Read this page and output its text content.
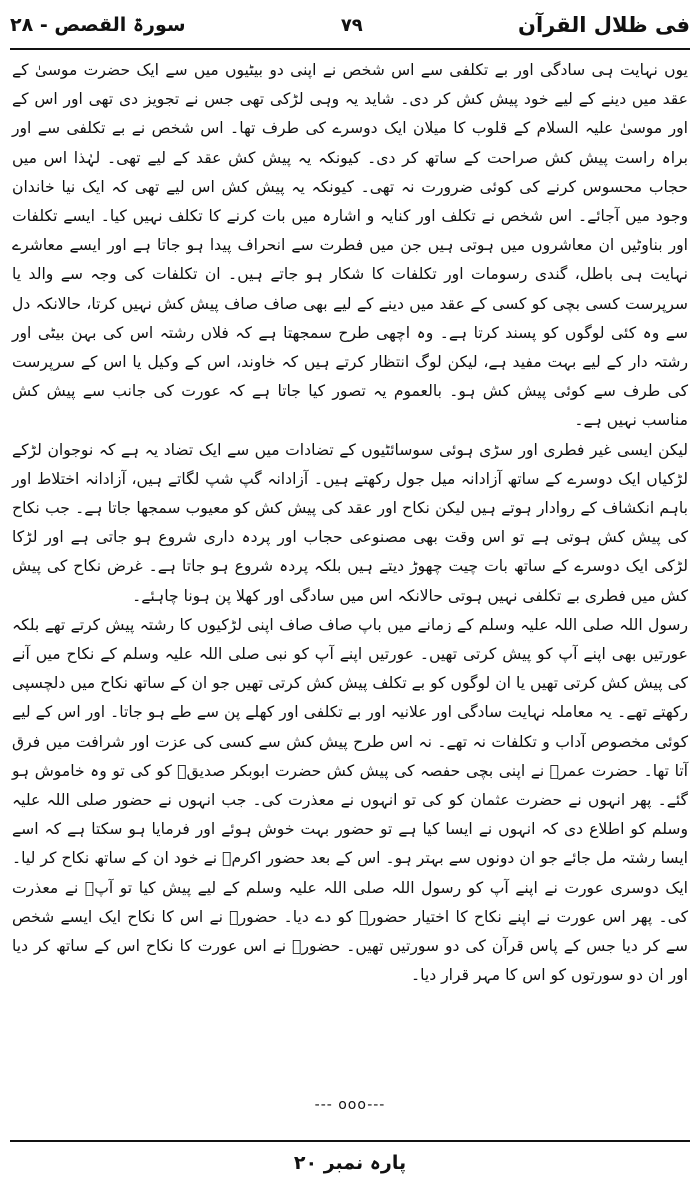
سورۃ القصص - ۲۸	۷۹	فی ظلال القرآن

یوں نہایت ہی سادگی اور بے تکلفی سے اس شخص نے اپنی دو بیٹیوں میں سے ایک حضرت موسیٰ کے عقد میں دینے کے لیے خود پیش کش کر دی۔ شاید یہ وہی لڑکی تھی جس نے تجویز دی تھی اور اس کے اور موسیٰ علیہ السلام کے قلوب کا میلان ایک دوسرے کی طرف تھا۔ اس شخص نے بے تکلفی سے اور براہ راست پیش کش صراحت کے ساتھ کر دی۔ کیونکہ یہ پیش کش عقد کے لیے تھی۔ لہٰذا اس میں حجاب محسوس کرنے کی کوئی ضرورت نہ تھی۔ کیونکہ یہ پیش کش اس لیے تھی کہ ایک نیا خاندان وجود میں آجائے۔ اس شخص نے تکلف اور کنایہ و اشارہ میں بات کرنے کا تکلف نہیں کیا۔ ایسے تکلفات اور بناوٹیں ان معاشروں میں ہوتی ہیں جن میں فطرت سے انحراف پیدا ہو جاتا ہے اور ایسے معاشرے نہایت ہی باطل، گندی رسومات اور تکلفات کا شکار ہو جاتے ہیں۔ ان تکلفات کی وجہ سے والد یا سرپرست کسی بچی کو کسی کے عقد میں دینے کے لیے بھی صاف صاف پیش کش نہیں کرتا، حالانکہ دل سے وہ کئی لوگوں کو پسند کرتا ہے۔ وہ اچھی طرح سمجھتا ہے کہ فلاں رشتہ اس کی بہن بیٹی اور رشتہ دار کے لیے بہت مفید ہے، لیکن لوگ انتظار کرتے ہیں کہ خاوند، اس کے وکیل یا اس کے سرپرست کی طرف سے کوئی پیش کش ہو۔ بالعموم یہ تصور کیا جاتا ہے کہ عورت کی جانب سے پیش کش مناسب نہیں ہے۔

لیکن ایسی غیر فطری اور سڑی ہوئی سوسائٹیوں کے تضادات میں سے ایک تضاد یہ ہے کہ نوجوان لڑکے لڑکیاں ایک دوسرے کے ساتھ آزادانہ میل جول رکھتے ہیں۔ آزادانہ گپ شپ لگاتے ہیں، آزادانہ اختلاط اور باہم انکشاف کے روادار ہوتے ہیں لیکن نکاح اور عقد کی پیش کش کو معیوب سمجھا جاتا ہے۔ جب نکاح کی پیش کش ہوتی ہے تو اس وقت بھی مصنوعی حجاب اور پردہ داری شروع ہو جاتی ہے اور لڑکا لڑکی ایک دوسرے کے ساتھ بات چیت چھوڑ دیتے ہیں بلکہ پردہ شروع ہو جاتا ہے۔ غرض نکاح کی پیش کش میں فطری بے تکلفی نہیں ہوتی حالانکہ اس میں سادگی اور کھلا پن ہونا چاہئے۔

رسول اللہ صلی اللہ علیہ وسلم کے زمانے میں باپ صاف صاف اپنی لڑکیوں کا رشتہ پیش کرتے تھے بلکہ عورتیں بھی اپنے آپ کو پیش کرتی تھیں۔ عورتیں اپنے آپ کو نبی صلی اللہ علیہ وسلم کے نکاح میں آنے کی پیش کش کرتی تھیں یا ان لوگوں کو بے تکلف پیش کش کرتی تھیں جو ان کے ساتھ نکاح میں دلچسپی رکھتے تھے۔ یہ معاملہ نہایت سادگی اور علانیہ اور بے تکلفی اور کھلے پن سے طے ہو جاتا۔ اور اس کے لیے کوئی مخصوص آداب و تکلفات نہ تھے۔ نہ اس طرح پیش کش سے کسی کی عزت اور شرافت میں فرق آتا تھا۔ حضرت عمرؓ نے اپنی بچی حفصہ کی پیش کش حضرت ابوبکر صدیقؓ کو کی تو وہ خاموش ہو گئے۔ پھر انہوں نے حضرت عثمان کو کی تو انہوں نے معذرت کی۔ جب انہوں نے حضور صلی اللہ علیہ وسلم کو اطلاع دی کہ انہوں نے ایسا کیا ہے تو حضور بہت خوش ہوئے اور فرمایا ہو سکتا ہے کہ اسے ایسا رشتہ مل جائے جو ان دونوں سے بہتر ہو۔ اس کے بعد حضور اکرمؐ نے خود ان کے ساتھ نکاح کر لیا۔ ایک دوسری عورت نے اپنے آپ کو رسول اللہ صلی اللہ علیہ وسلم کے لیے پیش کیا تو آپؐ نے معذرت کی۔ پھر اس عورت نے اپنے نکاح کا اختیار حضورؐ کو دے دیا۔ حضورؐ نے اس کا نکاح ایک ایسے شخص سے کر دیا جس کے پاس قرآن کی دو سورتیں تھیں۔ حضورؐ نے اس عورت کا نکاح اس کے ساتھ کر دیا اور ان دو سورتوں کو اس کا مہر قرار دیا۔

--- ooo---
پارہ نمبر ۲۰
